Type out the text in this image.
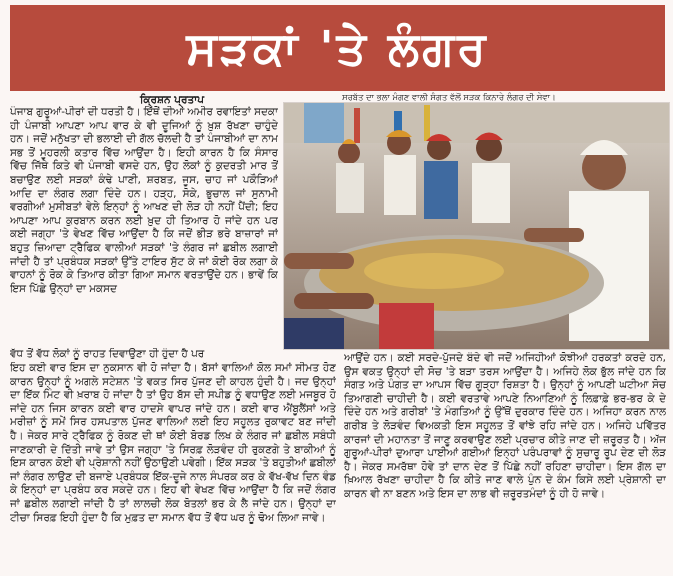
ਸੜਕਾਂ 'ਤੇ ਲੰਗਰ
ਕ੍ਰਿਸ਼ਨ ਪ੍ਰਤਾਪ	ਸਰਬੱਤ ਦਾ ਭਲਾ ਮੰਗਣ ਵਾਲੀ ਸੰਗਤ ਵੱਲੋਂ ਸੜਕ ਕਿਨਾਰੇ ਲੰਗਰ ਦੀ ਸੇਵਾ।

ਪੰਜਾਬ ਗੁਰੂਆਂ-ਪੀਰਾਂ ਦੀ ਧਰਤੀ ਹੈ। ਇੱਥੋਂ ਦੀਆਂ ਅਮੀਰ ਰਵਾਇਤਾਂ ਸਦਕਾ ਹੀ ਪੰਜਾਬੀ ਆਪਣਾ ਆਪ ਵਾਰ ਕੇ ਵੀ ਦੂਜਿਆਂ ਨੂੰ ਖ਼ੁਸ਼ ਰੱਖਣਾ ਚਾਹੁੰਦੇ ਹਨ। ਜਦੋਂ ਮਨੁੱਖਤਾ ਦੀ ਭਲਾਈ ਦੀ ਗੱਲ ਚੱਲਦੀ ਹੈ ਤਾਂ ਪੰਜਾਬੀਆਂ ਦਾ ਨਾਮ ਸਭ ਤੋਂ ਮੂਹਰਲੀ ਕਤਾਰ ਵਿੱਚ ਆਉਂਦਾ ਹੈ। ਇਹੀ ਕਾਰਨ ਹੈ ਕਿ ਸੰਸਾਰ ਵਿੱਚ ਜਿੱਥੇ ਕਿਤੇ ਵੀ ਪੰਜਾਬੀ ਵਸਦੇ ਹਨ, ਉਹ ਲੋਕਾਂ ਨੂੰ ਕੁਦਰਤੀ ਮਾਰ ਤੋਂ ਬਚਾਉਣ ਲਈ ਸੜਕਾਂ ਕੰਢੇ ਪਾਣੀ, ਸ਼ਰਬਤ, ਜੂਸ, ਚਾਹ ਜਾਂ ਪਕੌੜਿਆਂ ਆਦਿ ਦਾ ਲੰਗਰ ਲਗਾ ਦਿੰਦੇ ਹਨ। ਹੜ੍ਹ, ਸੋਕੇ, ਭੁਚਾਲ ਜਾਂ ਸੁਨਾਮੀ ਵਰਗੀਆਂ ਮੁਸੀਬਤਾਂ ਵੇਲੇ ਇਨ੍ਹਾਂ ਨੂੰ ਆਖਣ ਦੀ ਲੋੜ ਹੀ ਨਹੀਂ ਪੈਂਦੀ; ਇਹ ਆਪਣਾ ਆਪ ਕੁਰਬਾਨ ਕਰਨ ਲਈ ਖ਼ੁਦ ਹੀ ਤਿਆਰ ਹੋ ਜਾਂਦੇ ਹਨ ਪਰ ਕਈ ਜਗ੍ਹਾ 'ਤੇ ਵੇਖਣ ਵਿੱਚ ਆਉਂਦਾ ਹੈ ਕਿ ਜਦੋਂ ਭੀੜ ਭਰੇ ਬਾਜ਼ਾਰਾਂ ਜਾਂ ਬਹੁਤ ਜ਼ਿਆਦਾ ਟ੍ਰੈਫਿਕ ਵਾਲੀਆਂ ਸੜਕਾਂ 'ਤੇ ਲੰਗਰ ਜਾਂ ਛਬੀਲ ਲਗਾਈ ਜਾਂਦੀ ਹੈ ਤਾਂ ਪ੍ਰਬੰਧਕ ਸੜਕਾਂ ਉੱਤੇ ਟਾਇਰ ਸੁੱਟ ਕੇ ਜਾਂ ਕੋਈ ਰੋਕ ਲਗਾ ਕੇ ਵਾਹਨਾਂ ਨੂੰ ਰੋਕ ਕੇ ਤਿਆਰ ਕੀਤਾ ਗਿਆ ਸਮਾਨ ਵਰਤਾਉਂਦੇ ਹਨ। ਭਾਵੇਂ ਕਿ ਇਸ ਪਿੱਛੇ ਉਨ੍ਹਾਂ ਦਾ ਮਕਸਦ

ਵੱਧ ਤੋਂ ਵੱਧ ਲੋਕਾਂ ਨੂੰ ਰਾਹਤ ਦਿਵਾਉਣਾ ਹੀ ਹੁੰਦਾ ਹੈ ਪਰ

ਇਹ ਕਈ ਵਾਰ ਇਸ ਦਾ ਨੁਕਸਾਨ ਵੀ ਹੋ ਜਾਂਦਾ ਹੈ। ਬੱਸਾਂ ਵਾਲਿਆਂ ਕੋਲ ਸਮਾਂ ਸੀਮਤ ਹੋਣ ਕਾਰਨ ਉਨ੍ਹਾਂ ਨੂੰ ਅਗਲੇ ਸਟੇਸ਼ਨ 'ਤੇ ਵਕਤ ਸਿਰ ਪੁੱਜਣ ਦੀ ਕਾਹਲ ਹੁੰਦੀ ਹੈ। ਜਦ ਉਨ੍ਹਾਂ ਦਾ ਇੱਕ ਮਿੰਟ ਵੀ ਖ਼ਰਾਬ ਹੋ ਜਾਂਦਾ ਹੈ ਤਾਂ ਉਹ ਬੱਸ ਦੀ ਸਪੀਡ ਨੂੰ ਵਧਾਉਣ ਲਈ ਮਜਬੂਰ ਹੋ ਜਾਂਦੇ ਹਨ ਜਿਸ ਕਾਰਨ ਕਈ ਵਾਰ ਹਾਦਸੇ ਵਾਪਰ ਜਾਂਦੇ ਹਨ। ਕਈ ਵਾਰ ਐਂਬੂਲੈਂਸਾਂ ਅਤੇ ਮਰੀਜ਼ਾਂ ਨੂੰ ਸਮੇਂ ਸਿਰ ਹਸਪਤਾਲ ਪੁੱਜਣ ਵਾਲਿਆਂ ਲਈ ਇਹ ਸਹੂਲਤ ਰੁਕਾਵਟ ਬਣ ਜਾਂਦੀ ਹੈ। ਜੇਕਰ ਸਾਰੇ ਟ੍ਰੈਫਿਕ ਨੂੰ ਰੋਕਣ ਦੀ ਥਾਂ ਕੋਈ ਬੋਰਡ ਲਿਖ ਕੇ ਲੰਗਰ ਜਾਂ ਛਬੀਲ ਸਬੰਧੀ ਜਾਣਕਾਰੀ ਦੇ ਦਿੱਤੀ ਜਾਵੇ ਤਾਂ ਉਸ ਜਗ੍ਹਾ 'ਤੇ ਸਿਰਫ਼ ਲੋੜਵੰਦ ਹੀ ਰੁਕਣਗੇ ਤੇ ਬਾਕੀਆਂ ਨੂੰ ਇਸ ਕਾਰਨ ਕੋਈ ਵੀ ਪ੍ਰੇਸ਼ਾਨੀ ਨਹੀਂ ਉਠਾਉਣੀ ਪਵੇਗੀ। ਇੱਕ ਸੜਕ 'ਤੇ ਬਹੁਤੀਆਂ ਛਬੀਲਾਂ ਜਾਂ ਲੰਗਰ ਲਾਉਣ ਦੀ ਬਜਾਏ ਪ੍ਰਬੰਧਕ ਇੱਕ-ਦੂਜੇ ਨਾਲ ਸੰਪਰਕ ਕਰ ਕੇ ਵੱਖ-ਵੱਖ ਦਿਨ ਵੰਡ ਕੇ ਇਨ੍ਹਾਂ ਦਾ ਪ੍ਰਬੰਧ ਕਰ ਸਕਦੇ ਹਨ। ਇਹ ਵੀ ਵੇਖਣ ਵਿੱਚ ਆਉਂਦਾ ਹੈ ਕਿ ਜਦੋਂ ਲੰਗਰ ਜਾਂ ਛਬੀਲ ਲਗਾਈ ਜਾਂਦੀ ਹੈ ਤਾਂ ਲਾਲਚੀ ਲੋਕ ਬੋਤਲਾਂ ਭਰ ਕੇ ਲੈ ਜਾਂਦੇ ਹਨ। ਉਨ੍ਹਾਂ ਦਾ ਟੀਚਾ ਸਿਰਫ਼ ਇਹੀ ਹੁੰਦਾ ਹੈ ਕਿ ਮੁਫ਼ਤ ਦਾ ਸਮਾਨ ਵੱਧ ਤੋਂ ਵੱਧ ਘਰ ਨੂੰ ਢੋਅ ਲਿਆ ਜਾਵੇ।

ਆਉਂਦੇ ਹਨ। ਕਈ ਸਰਦੇ-ਪੁੱਜਦੇ ਬੰਦੇ ਵੀ ਜਦੋਂ ਅਜਿਹੀਆਂ ਕੋਝੀਆਂ ਹਰਕਤਾਂ ਕਰਦੇ ਹਨ, ਉਸ ਵਕਤ ਉਨ੍ਹਾਂ ਦੀ ਸੋਚ 'ਤੇ ਬੜਾ ਤਰਸ ਆਉਂਦਾ ਹੈ। ਅਜਿਹੇ ਲੋਕ ਭੁੱਲ ਜਾਂਦੇ ਹਨ ਕਿ ਸੰਗਤ ਅਤੇ ਪੰਗਤ ਦਾ ਆਪਸ ਵਿੱਚ ਗੂੜ੍ਹਾ ਰਿਸ਼ਤਾ ਹੈ। ਉਨ੍ਹਾਂ ਨੂੰ ਆਪਣੀ ਘਟੀਆ ਸੋਚ ਤਿਆਗਣੀ ਚਾਹੀਦੀ ਹੈ। ਕਈ ਵਰਤਾਵੇ ਆਪਣੇ ਨਿਆਣਿਆਂ ਨੂੰ ਲਿਫ਼ਾਫ਼ੇ ਭਰ-ਭਰ ਕੇ ਦੇ ਦਿੰਦੇ ਹਨ ਅਤੇ ਗਰੀਬਾਂ 'ਤੇ ਮੰਗਤਿਆਂ ਨੂੰ ਉੱਥੋਂ ਦੁਰਕਾਰ ਦਿੰਦੇ ਹਨ। ਅਜਿਹਾ ਕਰਨ ਨਾਲ ਗਰੀਬ ਤੇ ਲੋੜਵੰਦ ਵਿਅਕਤੀ ਇਸ ਸਹੂਲਤ ਤੋਂ ਵਾਂਝੇ ਰਹਿ ਜਾਂਦੇ ਹਨ। ਅਜਿਹੇ ਪਵਿੱਤਰ ਕਾਰਜਾਂ ਦੀ ਮਹਾਨਤਾ ਤੋਂ ਜਾਣੂ ਕਰਵਾਉਣ ਲਈ ਪ੍ਰਚਾਰ ਕੀਤੇ ਜਾਣ ਦੀ ਜ਼ਰੂਰਤ ਹੈ। ਅੱਜ ਗੁਰੂਆਂ-ਪੀਰਾਂ ਦੁਆਰਾ ਪਾਈਆਂ ਗਈਆਂ ਇਨ੍ਹਾਂ ਪਰੰਪਰਾਵਾਂ ਨੂੰ ਸੁਚਾਰੂ ਰੂਪ ਦੇਣ ਦੀ ਲੋੜ ਹੈ। ਜੇਕਰ ਸਮਰੱਥਾ ਹੋਵੇ ਤਾਂ ਦਾਨ ਦੇਣ ਤੋਂ ਪਿੱਛੇ ਨਹੀਂ ਰਹਿਣਾ ਚਾਹੀਦਾ। ਇਸ ਗੱਲ ਦਾ ਖ਼ਿਆਲ ਰੱਖਣਾ ਚਾਹੀਦਾ ਹੈ ਕਿ ਕੀਤੇ ਜਾਣ ਵਾਲੇ ਪੁੰਨ ਦੇ ਕੰਮ ਕਿਸੇ ਲਈ ਪ੍ਰੇਸ਼ਾਨੀ ਦਾ ਕਾਰਨ ਵੀ ਨਾ ਬਣਨ ਅਤੇ ਇਸ ਦਾ ਲਾਭ ਵੀ ਜ਼ਰੂਰਤਮੰਦਾਂ ਨੂੰ ਹੀ ਹੋ ਜਾਵੇ।
